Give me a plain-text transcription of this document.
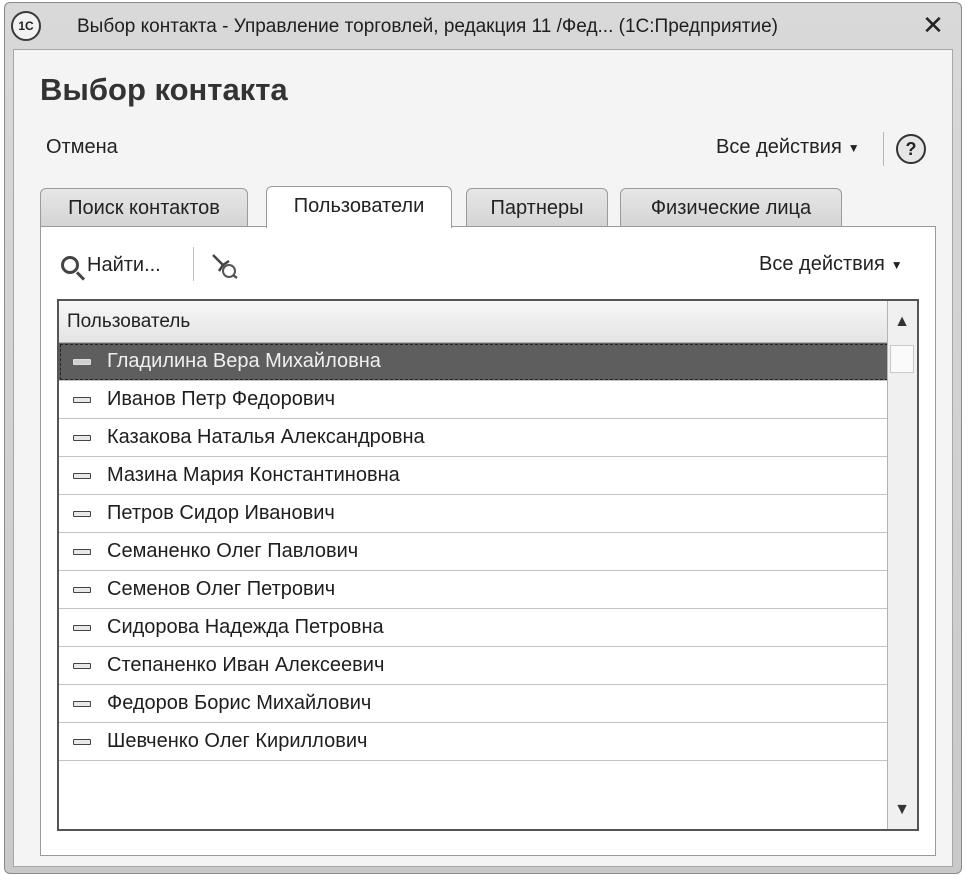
1С	Выбор контакта - Управление торговлей, редакция 11 /Фед... (1С:Предприятие)	✕
Выбор контакта
Отмена	Все действия ▼	?
Поиск контактов	Пользователи	Партнеры	Физические лица
Найти...	Все действия ▼
Пользователь
Гладилина Вера Михайловна
Иванов Петр Федорович
Казакова Наталья Александровна
Мазина Мария Константиновна
Петров Сидор Иванович
Семаненко Олег Павлович
Семенов Олег Петрович
Сидорова Надежда Петровна
Степаненко Иван Алексеевич
Федоров Борис Михайлович
Шевченко Олег Кириллович
▲
▼
